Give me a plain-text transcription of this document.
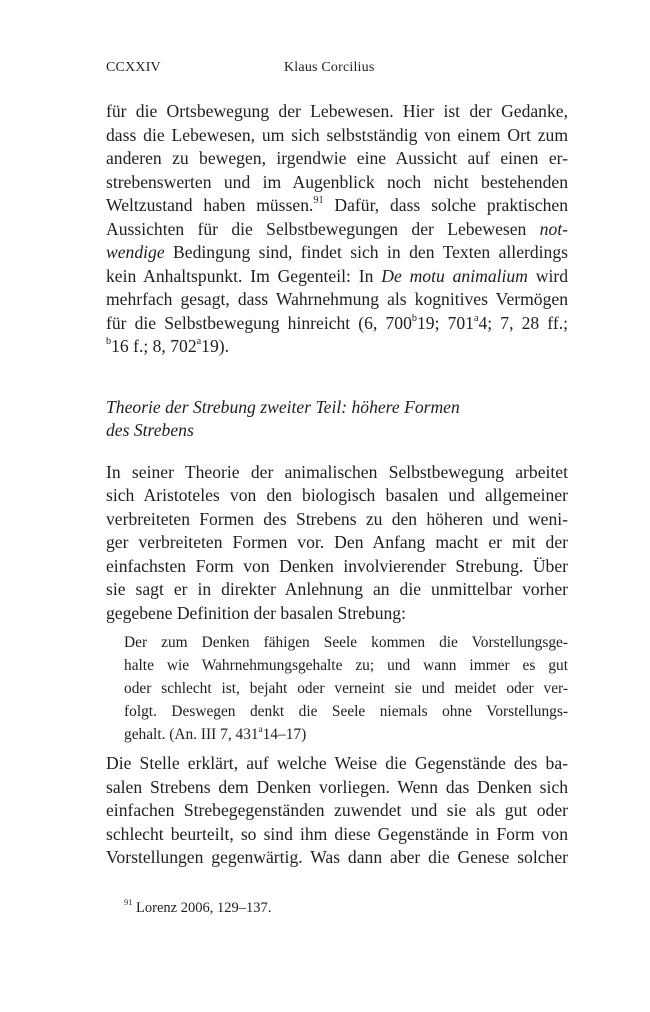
CCXXIV	Klaus Corcilius

für die Ortsbewegung der Lebewesen. Hier ist der Gedanke,
dass die Lebewesen, um sich selbstständig von einem Ort zum
anderen zu bewegen, irgendwie eine Aussicht auf einen er-
strebenswerten und im Augenblick noch nicht bestehenden
Weltzustand haben müssen.$^{91}$ Dafür, dass solche praktischen
Aussichten für die Selbstbewegungen der Lebewesen not-
wendige Bedingung sind, findet sich in den Texten allerdings
kein Anhaltspunkt. Im Gegenteil: In De motu animalium wird
mehrfach gesagt, dass Wahrnehmung als kognitives Vermögen
für die Selbstbewegung hinreicht (6, 700$^b$19; 701$^a$4; 7, 28 ff.;
$^b$16 f.; 8, 702$^a$19).

Theorie der Strebung zweiter Teil: höhere Formen
des Strebens

In seiner Theorie der animalischen Selbstbewegung arbeitet
sich Aristoteles von den biologisch basalen und allgemeiner
verbreiteten Formen des Strebens zu den höheren und weni-
ger verbreiteten Formen vor. Den Anfang macht er mit der
einfachsten Form von Denken involvierender Strebung. Über
sie sagt er in direkter Anlehnung an die unmittelbar vorher
gegebene Definition der basalen Strebung:

Der zum Denken fähigen Seele kommen die Vorstellungsge-
halte wie Wahrnehmungsgehalte zu; und wann immer es gut
oder schlecht ist, bejaht oder verneint sie und meidet oder ver-
folgt. Deswegen denkt die Seele niemals ohne Vorstellungs-
gehalt. (An. III 7, 431$^a$14–17)

Die Stelle erklärt, auf welche Weise die Gegenstände des ba-
salen Strebens dem Denken vorliegen. Wenn das Denken sich
einfachen Strebegegenständen zuwendet und sie als gut oder
schlecht beurteilt, so sind ihm diese Gegenstände in Form von
Vorstellungen gegenwärtig. Was dann aber die Genese solcher

$^{91}$ Lorenz 2006, 129–137.
